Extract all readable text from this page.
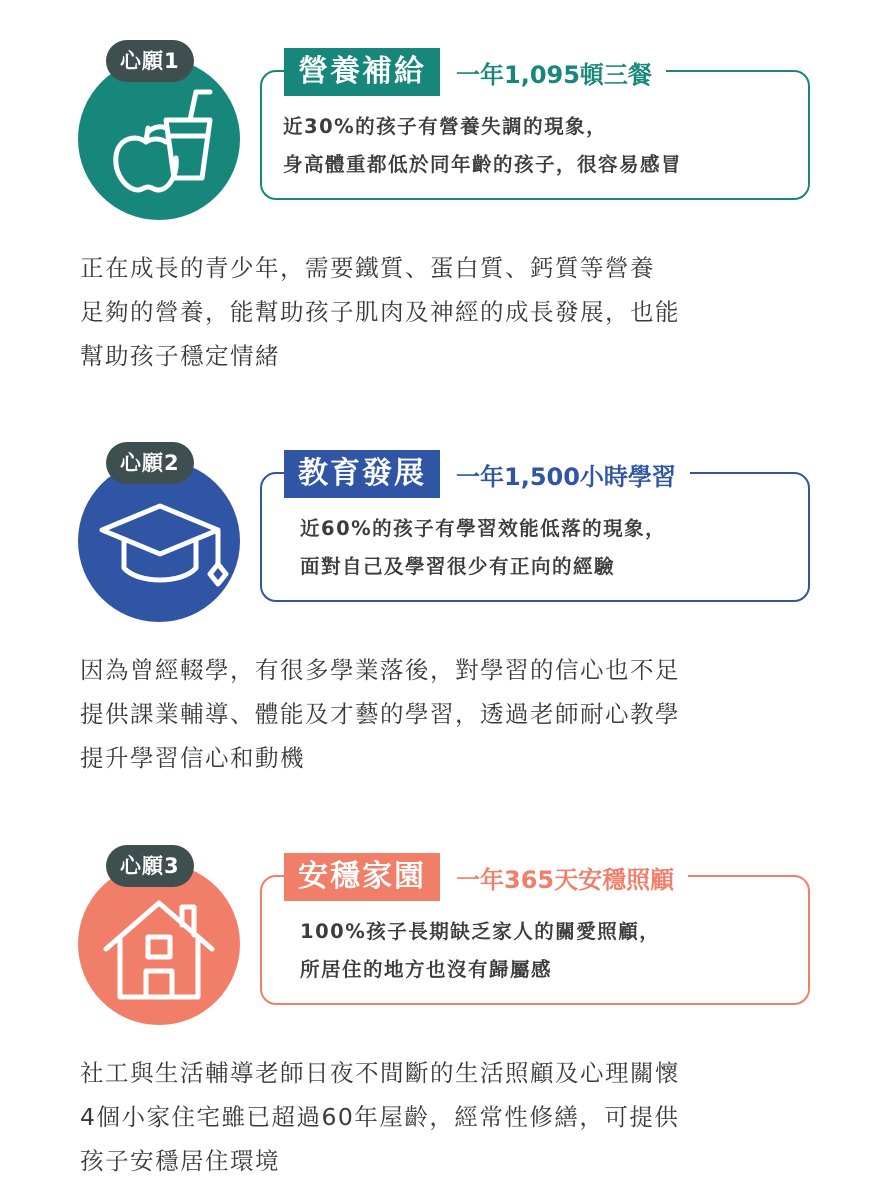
心願1	營養補給	一年1,095頓三餐
近30%的孩子有營養失調的現象，
身高體重都低於同年齡的孩子，很容易感冒
正在成長的青少年，需要鐵質、蛋白質、鈣質等營養
足夠的營養，能幫助孩子肌肉及神經的成長發展，也能
幫助孩子穩定情緒
心願2	教育發展	一年1,500小時學習
近60%的孩子有學習效能低落的現象，
面對自己及學習很少有正向的經驗
因為曾經輟學，有很多學業落後，對學習的信心也不足
提供課業輔導、體能及才藝的學習，透過老師耐心教學
提升學習信心和動機
心願3	安穩家園	一年365天安穩照顧
100%孩子長期缺乏家人的關愛照顧，
所居住的地方也沒有歸屬感
社工與生活輔導老師日夜不間斷的生活照顧及心理關懷
4個小家住宅雖已超過60年屋齡，經常性修繕，可提供
孩子安穩居住環境
